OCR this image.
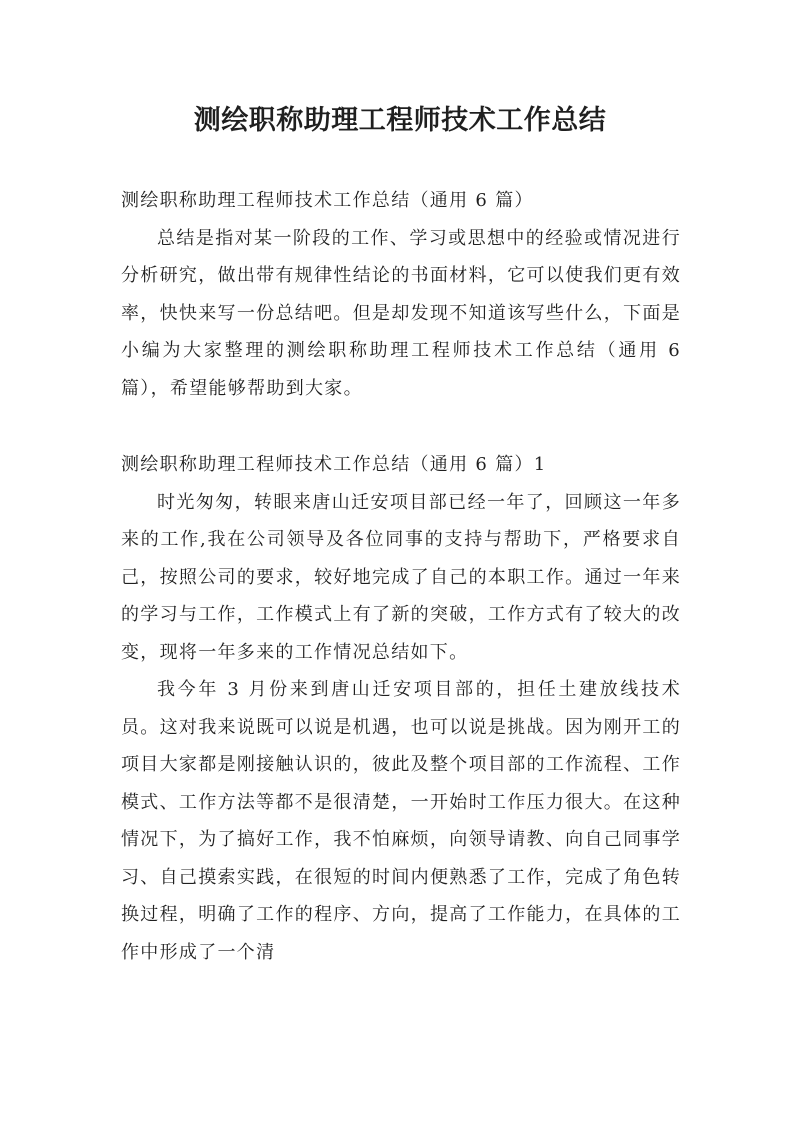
测绘职称助理工程师技术工作总结

测绘职称助理工程师技术工作总结（通用 6 篇）

总结是指对某一阶段的工作、学习或思想中的经验或情况进行分析研究，做出带有规律性结论的书面材料，它可以使我们更有效率，快快来写一份总结吧。但是却发现不知道该写些什么，下面是小编为大家整理的测绘职称助理工程师技术工作总结（通用 6 篇），希望能够帮助到大家。

测绘职称助理工程师技术工作总结（通用 6 篇）1

时光匆匆，转眼来唐山迁安项目部已经一年了，回顾这一年多来的工作,我在公司领导及各位同事的支持与帮助下，严格要求自己，按照公司的要求，较好地完成了自己的本职工作。通过一年来的学习与工作，工作模式上有了新的突破，工作方式有了较大的改变，现将一年多来的工作情况总结如下。

我今年 3 月份来到唐山迁安项目部的，担任土建放线技术员。这对我来说既可以说是机遇，也可以说是挑战。因为刚开工的项目大家都是刚接触认识的，彼此及整个项目部的工作流程、工作模式、工作方法等都不是很清楚，一开始时工作压力很大。在这种情况下，为了搞好工作，我不怕麻烦，向领导请教、向自己同事学习、自己摸索实践，在很短的时间内便熟悉了工作，完成了角色转换过程，明确了工作的程序、方向，提高了工作能力，在具体的工作中形成了一个清
